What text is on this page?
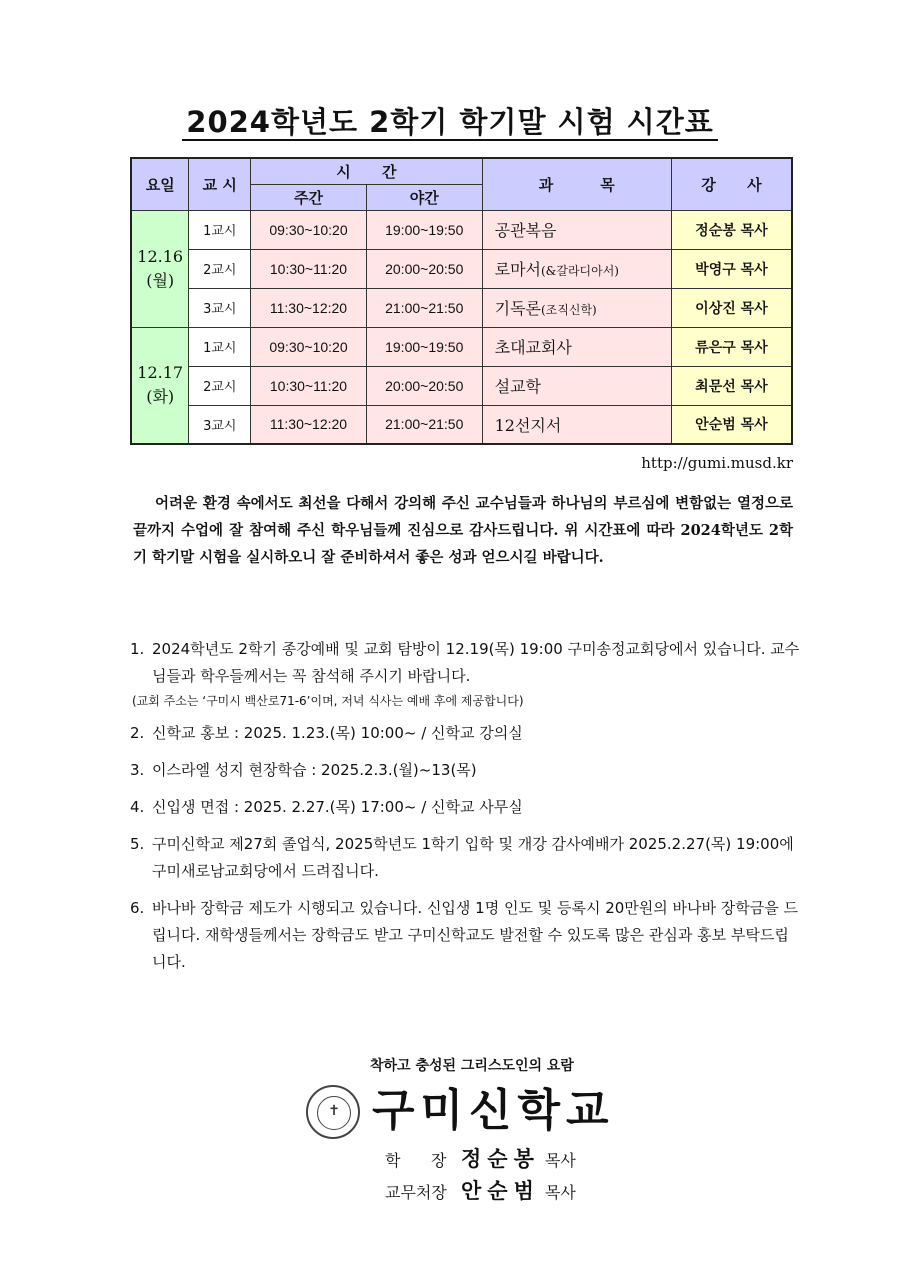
2024학년도 2학기 학기말 시험 시간표
요일	교 시	시      간		과         목	강      사
		주간	야간		

12.16
(월)	1교시	09:30~10:20	19:00~19:50	공관복음	정순봉 목사
	2교시	10:30~11:20	20:00~20:50	로마서(&갈라디아서)	박영구 목사
	3교시	11:30~12:20	21:00~21:50	기독론(조직신학)	이상진 목사

12.17
(화)	1교시	09:30~10:20	19:00~19:50	초대교회사	류은구 목사
	2교시	10:30~11:20	20:00~20:50	설교학	최문선 목사
	3교시	11:30~12:20	21:00~21:50	12선지서	안순범 목사
http://gumi.musd.kr
어려운 환경 속에서도 최선을 다해서 강의해 주신 교수님들과 하나님의 부르심에 변함없는 열정으로 끝까지 수업에 잘 참여해 주신 학우님들께 진심으로 감사드립니다. 위 시간표에 따라 2024학년도 2학기 학기말 시험을 실시하오니 잘 준비하셔서 좋은 성과 얻으시길 바랍니다.
1. 2024학년도 2학기 종강예배 및 교회 탐방이 12.19(목) 19:00 구미송정교회당에서 있습니다. 교수님들과 학우들께서는 꼭 참석해 주시기 바랍니다.
(교회 주소는 ‘구미시 백산로71-6’이며, 저녁 식사는 예배 후에 제공합니다)
2. 신학교 홍보 : 2025. 1.23.(목) 10:00~ / 신학교 강의실
3. 이스라엘 성지 현장학습 : 2025.2.3.(월)~13(목)
4. 신입생 면접 : 2025. 2.27.(목) 17:00~ / 신학교 사무실
5. 구미신학교 제27회 졸업식, 2025학년도 1학기 입학 및 개강 감사예배가 2025.2.27(목) 19:00에 구미새로남교회당에서 드려집니다.
6. 바나바 장학금 제도가 시행되고 있습니다. 신입생 1명 인도 및 등록시 20만원의 바나바 장학금을 드립니다. 재학생들께서는 장학금도 받고 구미신학교도 발전할 수 있도록 많은 관심과 홍보 부탁드립니다.
착하고 충성된 그리스도인의 요람
✝ 구미신학교
학      장 정순봉 목사
교무처장 안순범 목사
